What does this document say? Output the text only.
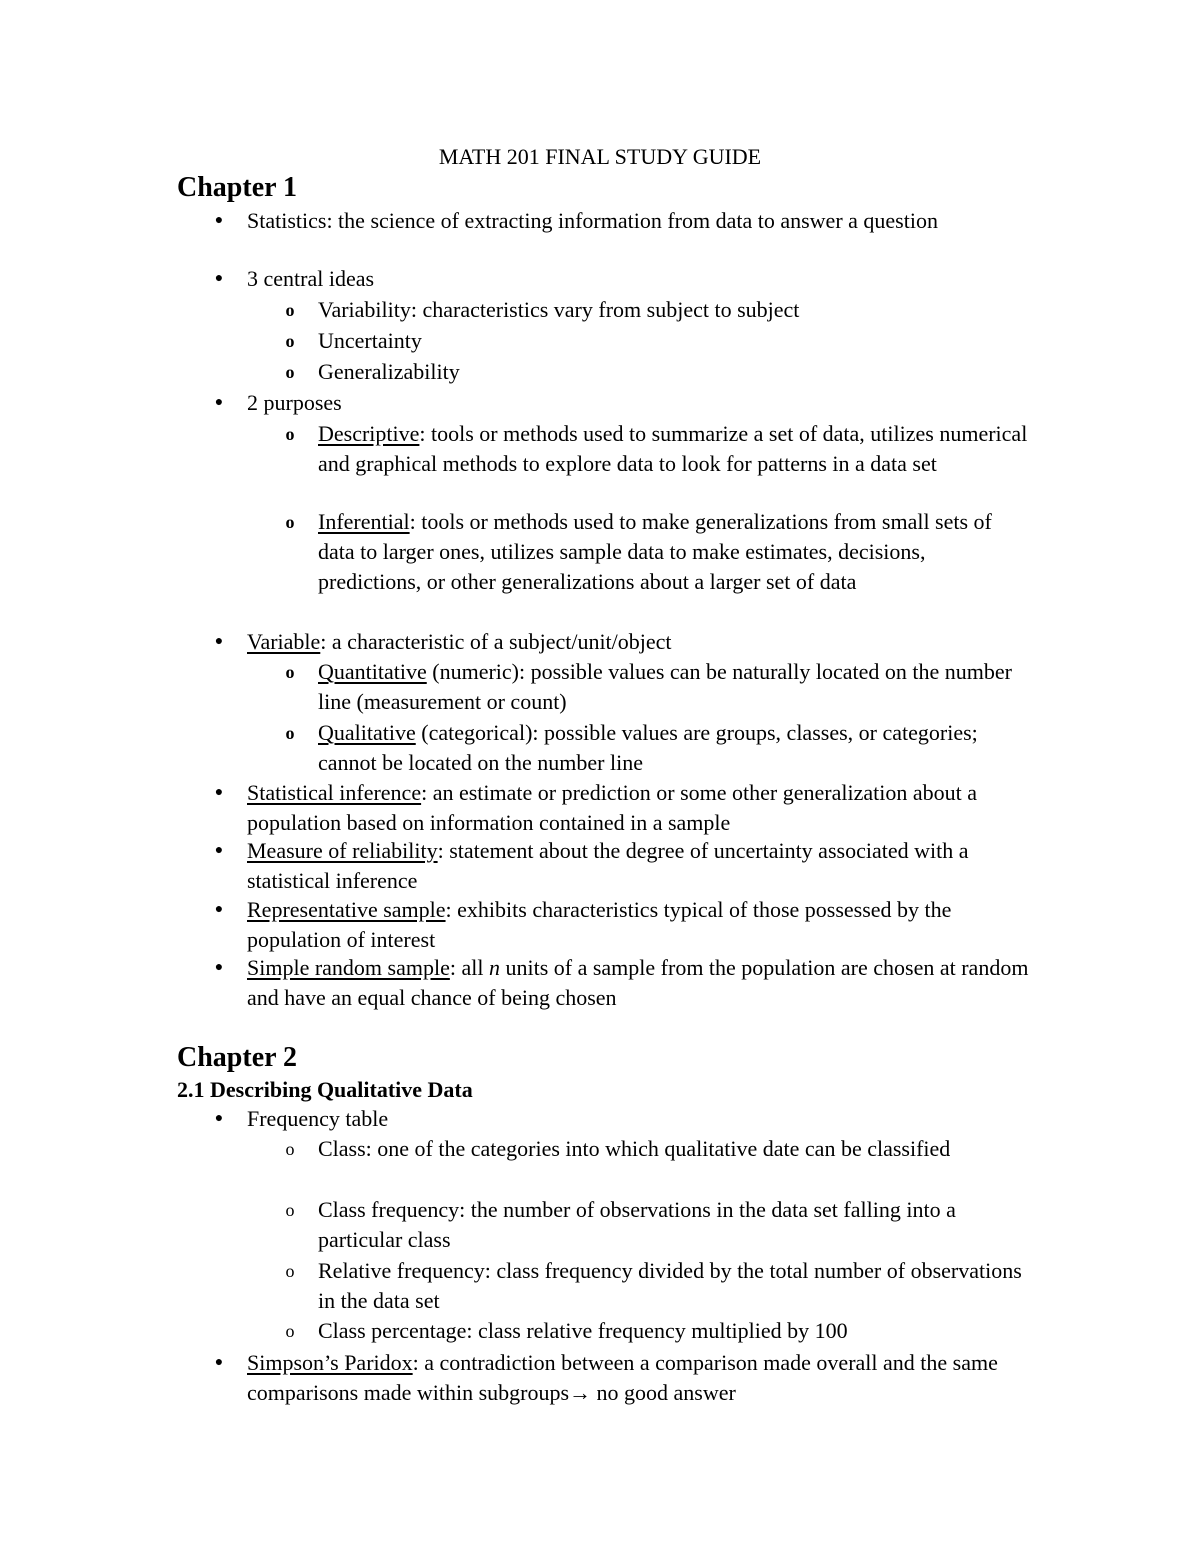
MATH 201 FINAL STUDY GUIDE
Chapter 1
● Statistics: the science of extracting information from data to answer a question
● 3 central ideas
o Variability: characteristics vary from subject to subject
o Uncertainty
o Generalizability
● 2 purposes
o Descriptive: tools or methods used to summarize a set of data, utilizes numerical and graphical methods to explore data to look for patterns in a data set
o Inferential: tools or methods used to make generalizations from small sets of data to larger ones, utilizes sample data to make estimates, decisions, predictions, or other generalizations about a larger set of data
● Variable: a characteristic of a subject/unit/object
o Quantitative (numeric): possible values can be naturally located on the number line (measurement or count)
o Qualitative (categorical): possible values are groups, classes, or categories; cannot be located on the number line
● Statistical inference: an estimate or prediction or some other generalization about a population based on information contained in a sample
● Measure of reliability: statement about the degree of uncertainty associated with a statistical inference
● Representative sample: exhibits characteristics typical of those possessed by the population of interest
● Simple random sample: all n units of a sample from the population are chosen at random and have an equal chance of being chosen
Chapter 2
2.1 Describing Qualitative Data
● Frequency table
o Class: one of the categories into which qualitative date can be classified
o Class frequency: the number of observations in the data set falling into a particular class
o Relative frequency: class frequency divided by the total number of observations in the data set
o Class percentage: class relative frequency multiplied by 100
● Simpson’s Paridox: a contradiction between a comparison made overall and the same comparisons made within subgroups→ no good answer
